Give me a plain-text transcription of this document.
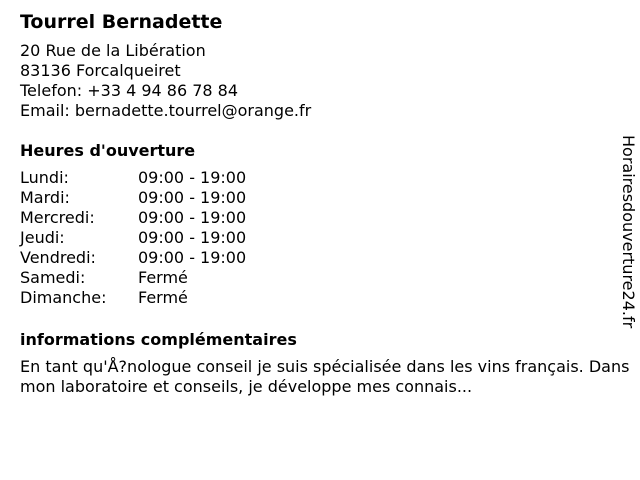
Tourrel Bernadette
20 Rue de la Libération
83136 Forcalqueiret
Telefon: +33 4 94 86 78 84
Email: bernadette.tourrel@orange.fr
Heures d'ouverture
Lundi:	09:00 - 19:00
Mardi:	09:00 - 19:00
Mercredi:	09:00 - 19:00
Jeudi:	09:00 - 19:00
Vendredi:	09:00 - 19:00
Samedi:	Fermé
Dimanche:	Fermé
informations complémentaires
En tant qu'Å?nologue conseil je suis spécialisée dans les vins français. Dans mon laboratoire et conseils, je développe mes connais...
Horairesdouverture24.fr
